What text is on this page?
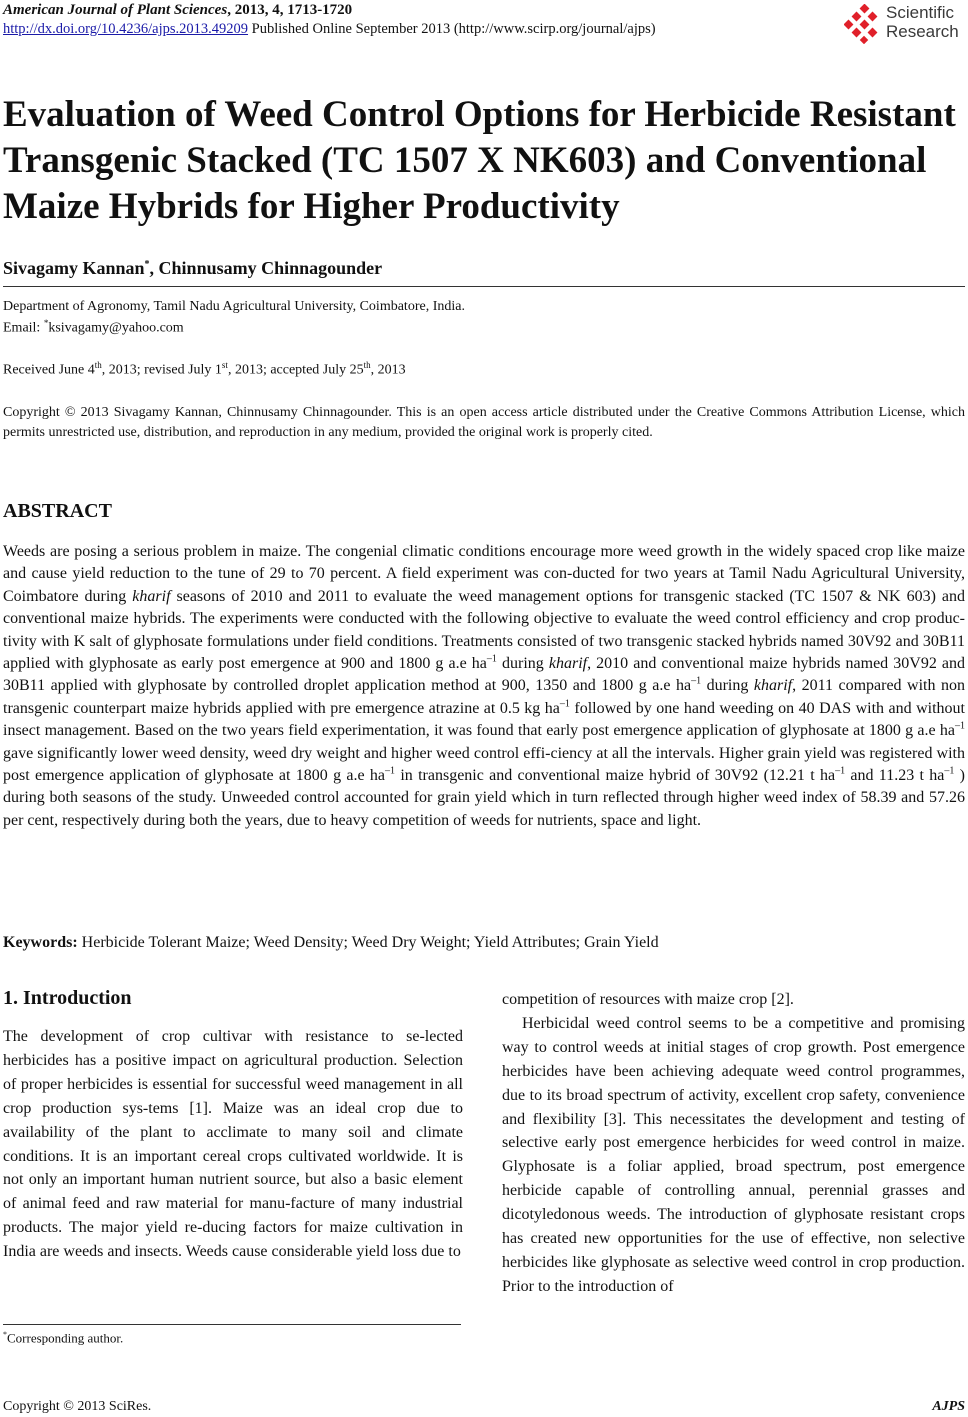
American Journal of Plant Sciences, 2013, 4, 1713-1720
http://dx.doi.org/10.4236/ajps.2013.49209 Published Online September 2013 (http://www.scirp.org/journal/ajps)
Scientific
Research
Evaluation of Weed Control Options for Herbicide Resistant Transgenic Stacked (TC 1507 X NK603) and Conventional Maize Hybrids for Higher Productivity
Sivagamy Kannan*, Chinnusamy Chinnagounder
Department of Agronomy, Tamil Nadu Agricultural University, Coimbatore, India.
Email: *ksivagamy@yahoo.com
Received June 4th, 2013; revised July 1st, 2013; accepted July 25th, 2013
Copyright © 2013 Sivagamy Kannan, Chinnusamy Chinnagounder. This is an open access article distributed under the Creative Commons Attribution License, which permits unrestricted use, distribution, and reproduction in any medium, provided the original work is properly cited.
ABSTRACT
Weeds are posing a serious problem in maize. The congenial climatic conditions encourage more weed growth in the widely spaced crop like maize and cause yield reduction to the tune of 29 to 70 percent. A field experiment was con-ducted for two years at Tamil Nadu Agricultural University, Coimbatore during kharif seasons of 2010 and 2011 to evaluate the weed management options for transgenic stacked (TC 1507 & NK 603) and conventional maize hybrids. The experiments were conducted with the following objective to evaluate the weed control efficiency and crop produc-tivity with K salt of glyphosate formulations under field conditions. Treatments consisted of two transgenic stacked hybrids named 30V92 and 30B11 applied with glyphosate as early post emergence at 900 and 1800 g a.e $ha^{-1}$ during kharif, 2010 and conventional maize hybrids named 30V92 and 30B11 applied with glyphosate by controlled droplet application method at 900, 1350 and 1800 g a.e $ha^{-1}$ during kharif, 2011 compared with non transgenic counterpart maize hybrids applied with pre emergence atrazine at 0.5 kg $ha^{-1}$ followed by one hand weeding on 40 DAS with and without insect management. Based on the two years field experimentation, it was found that early post emergence application of glyphosate at 1800 g a.e $ha^{-1}$ gave significantly lower weed density, weed dry weight and higher weed control effi-ciency at all the intervals. Higher grain yield was registered with post emergence application of glyphosate at 1800 g a.e $ha^{-1}$ in transgenic and conventional maize hybrid of 30V92 (12.21 t $ha^{-1}$ and 11.23 t $ha^{-1}$ ) during both seasons of the study. Unweeded control accounted for grain yield which in turn reflected through higher weed index of 58.39 and 57.26 per cent, respectively during both the years, due to heavy competition of weeds for nutrients, space and light.
Keywords: Herbicide Tolerant Maize; Weed Density; Weed Dry Weight; Yield Attributes; Grain Yield
1. Introduction

The development of crop cultivar with resistance to se-lected herbicides has a positive impact on agricultural production. Selection of proper herbicides is essential for successful weed management in all crop production sys-tems [1]. Maize was an ideal crop due to availability of the plant to acclimate to many soil and climate conditions. It is an important cereal crops cultivated worldwide. It is not only an important human nutrient source, but also a basic element of animal feed and raw material for manu-facture of many industrial products. The major yield re-ducing factors for maize cultivation in India are weeds and insects. Weeds cause considerable yield loss due to

competition of resources with maize crop [2].

Herbicidal weed control seems to be a competitive and promising way to control weeds at initial stages of crop growth. Post emergence herbicides have been achieving adequate weed control programmes, due to its broad spectrum of activity, excellent crop safety, convenience and flexibility [3]. This necessitates the development and testing of selective early post emergence herbicides for weed control in maize. Glyphosate is a foliar applied, broad spectrum, post emergence herbicide capable of controlling annual, perennial grasses and dicotyledonous weeds. The introduction of glyphosate resistant crops has created new opportunities for the use of effective, non selective herbicides like glyphosate as selective weed control in crop production. Prior to the introduction of

*Corresponding author.
Copyright © 2013 SciRes.	AJPS
